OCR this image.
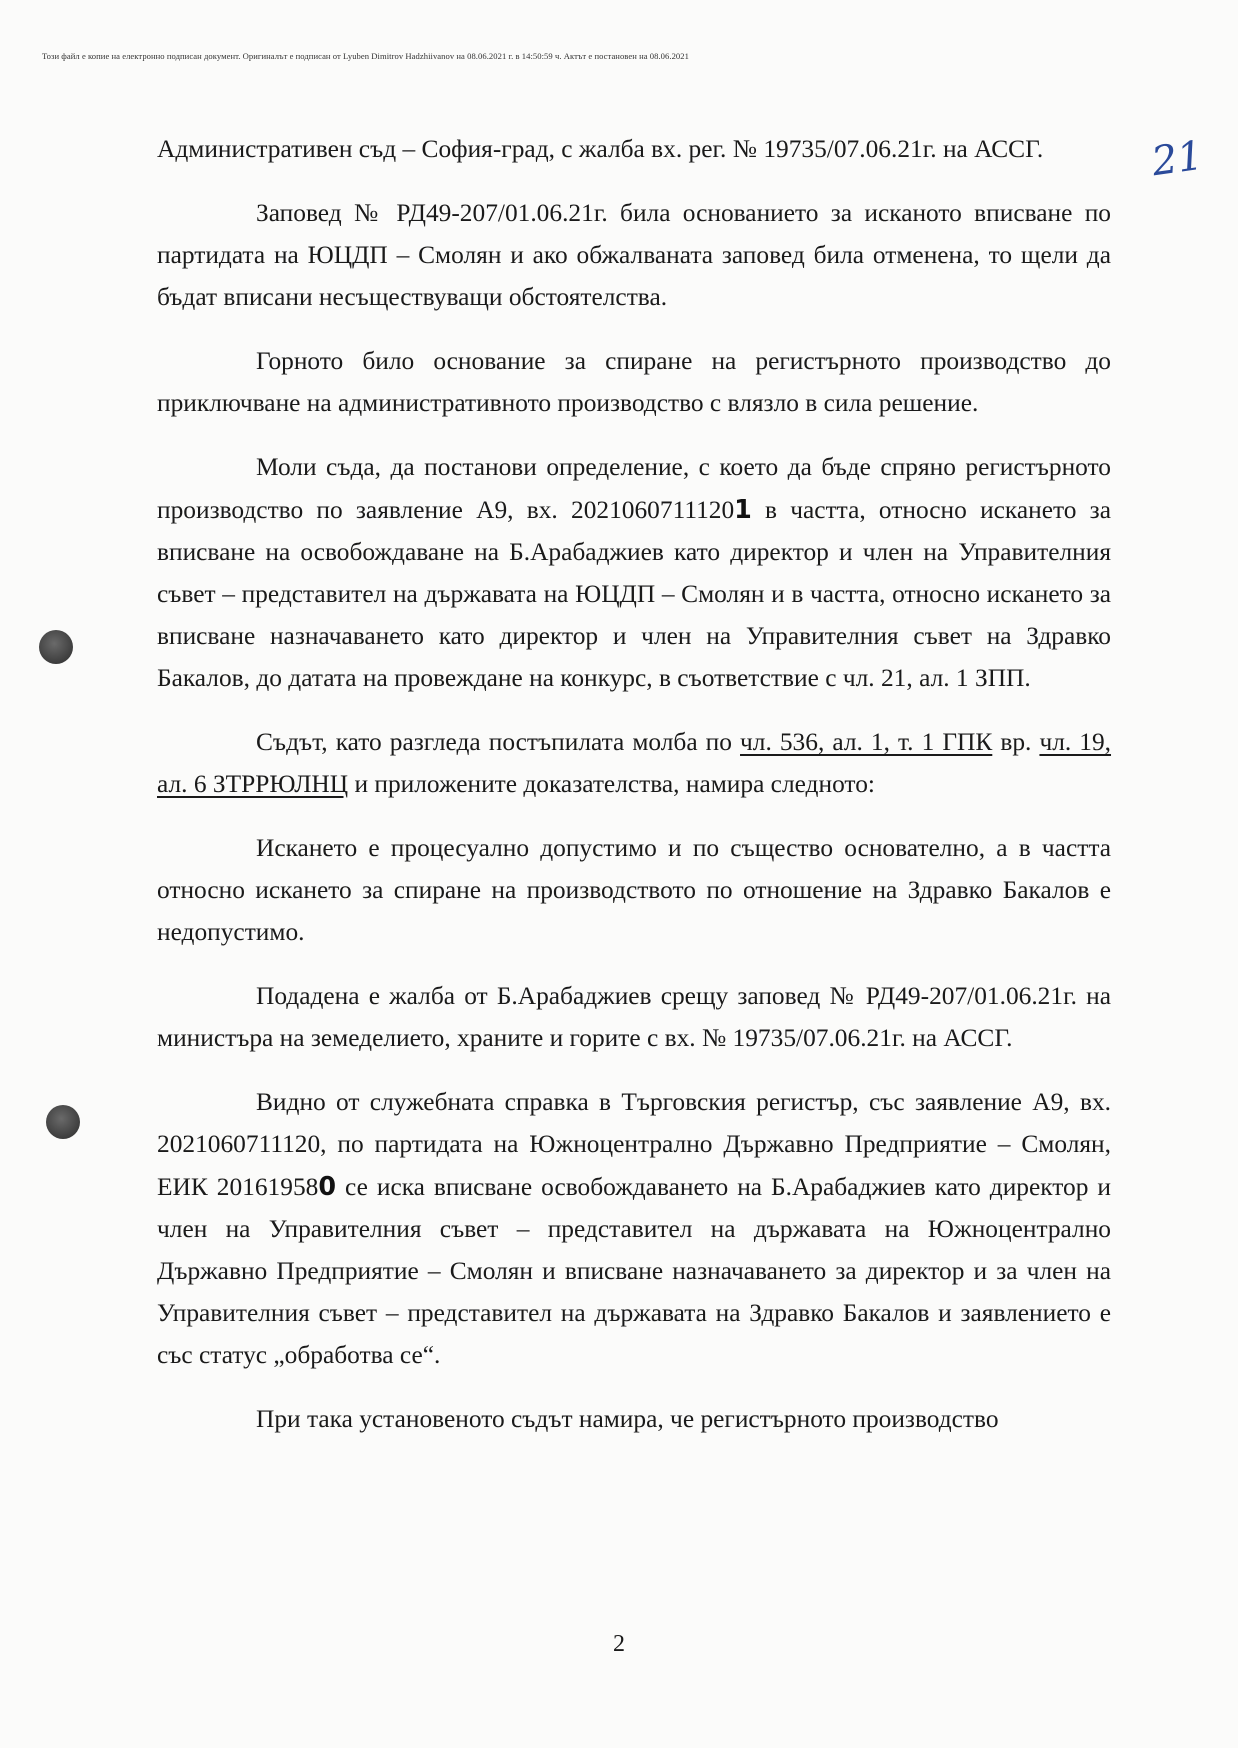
Този файл е копие на електронно подписан документ. Оригиналът е подписан от Lyuben Dimitrov Hadzhiivanov на 08.06.2021 г. в 14:50:59 ч. Актът е постановен на 08.06.2021
21

Административен съд – София-град, с жалба вх. рег. № 19735/07.06.21г. на АССГ.

Заповед № РД49-207/01.06.21г. била основанието за исканото вписване по партидата на ЮЦДП – Смолян и ако обжалваната заповед била отменена, то щели да бъдат вписани несъществуващи обстоятелства.

Горното било основание за спиране на регистърното производство до приключване на административното производство с влязло в сила решение.

Моли съда, да постанови определение, с което да бъде спряно регистърното производство по заявление А9, вх. 20210607111201 в частта, относно искането за вписване на освобождаване на Б.Арабаджиев като директор и член на Управителния съвет – представител на държавата на ЮЦДП – Смолян и в частта, относно искането за вписване назначаването като директор и член на Управителния съвет на Здравко Бакалов, до датата на провеждане на конкурс, в съответствие с чл. 21, ал. 1 ЗПП.

Съдът, като разгледа постъпилата молба по чл. 536, ал. 1, т. 1 ГПК вр. чл. 19, ал. 6 ЗТРРЮЛНЦ и приложените доказателства, намира следното:

Искането е процесуално допустимо и по същество основателно, а в частта относно искането за спиране на производството по отношение на Здравко Бакалов е недопустимо.

Подадена е жалба от Б.Арабаджиев срещу заповед № РД49-207/01.06.21г. на министъра на земеделието, храните и горите с вх. № 19735/07.06.21г. на АССГ.

Видно от служебната справка в Търговския регистър, със заявление А9, вх. 2021060711120, по партидата на Южноцентрално Държавно Предприятие – Смолян, ЕИК 201619580 се иска вписване освобождаването на Б.Арабаджиев като директор и член на Управителния съвет – представител на държавата на Южноцентрално Държавно Предприятие – Смолян и вписване назначаването за директор и за член на Управителния съвет – представител на държавата на Здравко Бакалов и заявлението е със статус „обработва се“.

При така установеното съдът намира, че регистърното производство

2
